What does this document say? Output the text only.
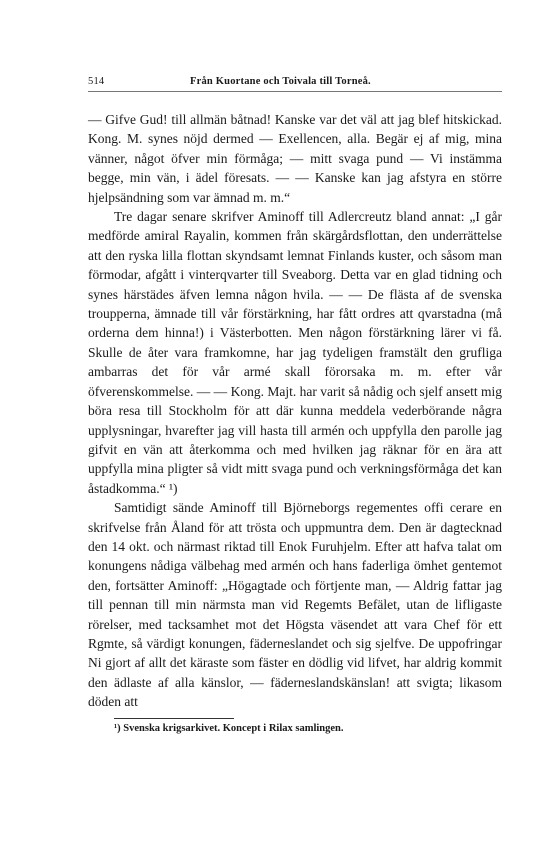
514	Från Kuortane och Toivala till Torneå.

— Gifve Gud! till allmän båtnad! Kanske var det väl att jag blef hitskickad. Kong. M. synes nöjd dermed — Exellencen, alla. Begär ej af mig, mina vänner, något öfver min förmåga; — mitt svaga pund — Vi instämma begge, min vän, i ädel föresats. — — Kanske kan jag afstyra en större hjelpsändning som var ämnad m. m.“

Tre dagar senare skrifver Aminoff till Adlercreutz bland annat: „I går medförde amiral Rayalin, kommen från skärgårdsflottan, den underrättelse att den ryska lilla flottan skyndsamt lemnat Finlands kuster, och såsom man förmodar, afgått i vinterqvarter till Sveaborg. Detta var en glad tidning och synes härstädes äfven lemna någon hvila. — — De flästa af de svenska troupperna, ämnade till vår förstärkning, har fått ordres att qvarstadna (må orderna dem hinna!) i Västerbotten. Men någon förstärkning lärer vi få. Skulle de åter vara framkomne, har jag tydeligen framstält den grufliga ambarras det för vår armé skall förorsaka m. m. efter vår öfverenskommelse. — — Kong. Majt. har varit så nådig och sjelf ansett mig böra resa till Stockholm för att där kunna meddela vederbörande några upplysningar, hvarefter jag vill hasta till armén och uppfylla den parolle jag gifvit en vän att återkomma och med hvilken jag räknar för en ära att uppfylla mina pligter så vidt mitt svaga pund och verkningsförmåga det kan åstadkomma.“ ¹)

Samtidigt sände Aminoff till Björneborgs regementes offi cerare en skrifvelse från Åland för att trösta och uppmuntra dem. Den är dagtecknad den 14 okt. och närmast riktad till Enok Furuhjelm. Efter att hafva talat om konungens nådiga välbehag med armén och hans faderliga ömhet gentemot den, fortsätter Aminoff: „Högagtade och förtjente man, — Aldrig fattar jag till pennan till min närmsta man vid Regemts Befälet, utan de lifligaste rörelser, med tacksamhet mot det Högsta väsendet att vara Chef för ett Rgmte, så värdigt konungen, fäderneslandet och sig sjelfve. De uppofringar Ni gjort af allt det käraste som fäster en dödlig vid lifvet, har aldrig kommit den ädlaste af alla känslor, — fäderneslandskänslan! att svigta; likasom döden att

¹) Svenska krigsarkivet. Koncept i Rilax samlingen.
